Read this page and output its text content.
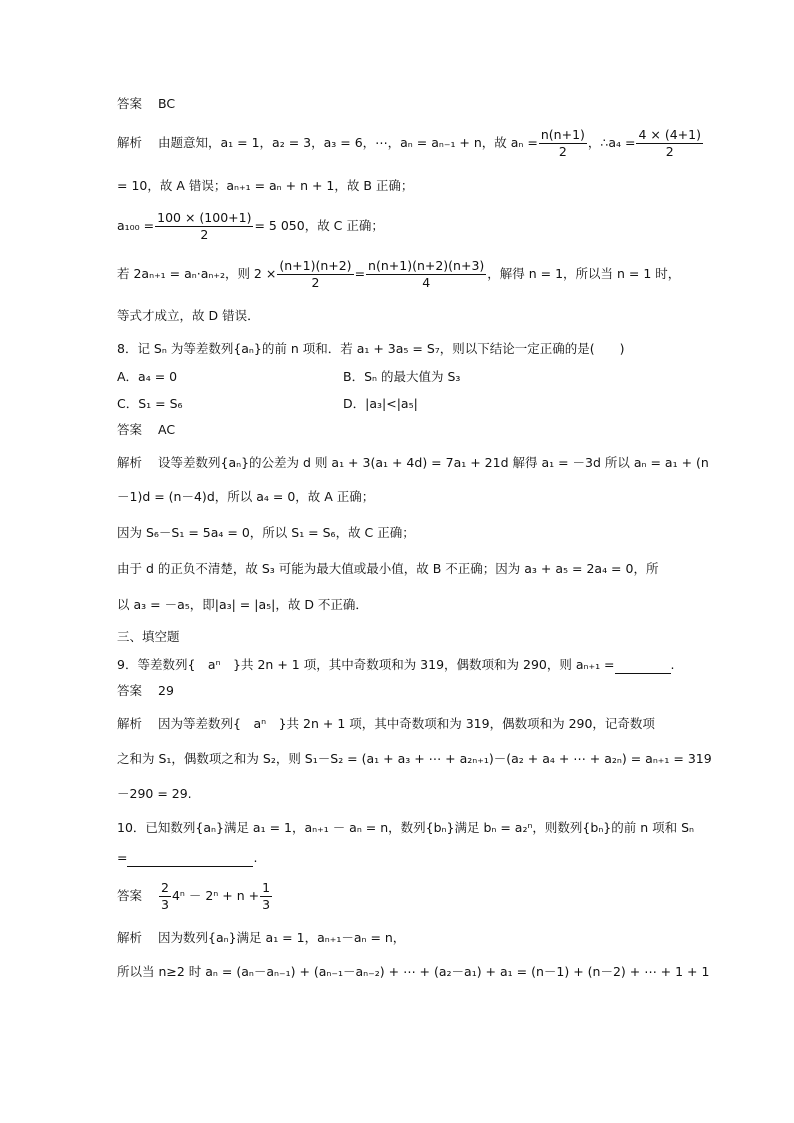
答案 BC
解析 由题意知，a₁ = 1，a₂ = 3，a₃ = 6，⋯，aₙ = aₙ₋₁ + n，故 $a_n = \frac{n(n+1)}{2}$ ，∴a₄ = $\frac{4 \times (4+1)}{2}$
= 10，故 A 错误；aₙ₊₁ = aₙ + n + 1，故 B 正确；
$a_{100} = \frac{100 \times (100+1)}{2} = 5$ 050，故 C 正确；
若 2aₙ₊₁ = aₙ·aₙ₊₂，则 $2 \times \frac{(n+1)(n+2)}{2} = \frac{n(n+1)(n+2)(n+3)}{4}$ ，解得 n = 1，所以当 n = 1 时，
等式才成立，故 D 错误．
8．记 Sₙ 为等差数列{aₙ}的前 n 项和．若 a₁ + 3a₅ = S₇，则以下结论一定正确的是(　　)
A．a₄ = 0	B．Sₙ 的最大值为 S₃
C．S₁ = S₆	D．|a₃|<|a₅|
答案 AC
解析 设等差数列{aₙ}的公差为 d 则 a₁ + 3(a₁ + 4d) = 7a₁ + 21d 解得 a₁ = －3d 所以 aₙ = a₁ + (n
－1)d = (n－4)d，所以 a₄ = 0，故 A 正确；
因为 S₆－S₁ = 5a₄ = 0，所以 S₁ = S₆，故 C 正确；
由于 d 的正负不清楚，故 S₃ 可能为最大值或最小值，故 B 不正确；因为 a₃ + a₅ = 2a₄ = 0，所
以 a₃ = －a₅，即|a₃| = |a₅|，故 D 不正确．
三、填空题
9．等差数列{　aⁿ　}共 2n + 1 项，其中奇数项和为 319，偶数项和为 290，则 aₙ₊₁ =	.
答案 29
解析 因为等差数列{　aⁿ　}共 2n + 1 项，其中奇数项和为 319，偶数项和为 290，记奇数项
之和为 S₁，偶数项之和为 S₂，则 S₁－S₂ = (a₁ + a₃ + ⋯ + a₂ₙ₊₁)－(a₂ + a₄ + ⋯ + a₂ₙ) = aₙ₊₁ = 319
－290 = 29.
10．已知数列{aₙ}满足 a₁ = 1，aₙ₊₁ － aₙ = n，数列{bₙ}满足 bₙ = a₂ⁿ，则数列{bₙ}的前 n 项和 Sₙ
=	.
答案 $\frac{2}{3} 4^n - 2^n + n + \frac{1}{3}$
解析 因为数列{aₙ}满足 a₁ = 1，aₙ₊₁－aₙ = n，
所以当 n≥2 时 aₙ = (aₙ－aₙ₋₁) + (aₙ₋₁－aₙ₋₂) + ⋯ + (a₂－a₁) + a₁ = (n－1) + (n－2) + ⋯ + 1 + 1
